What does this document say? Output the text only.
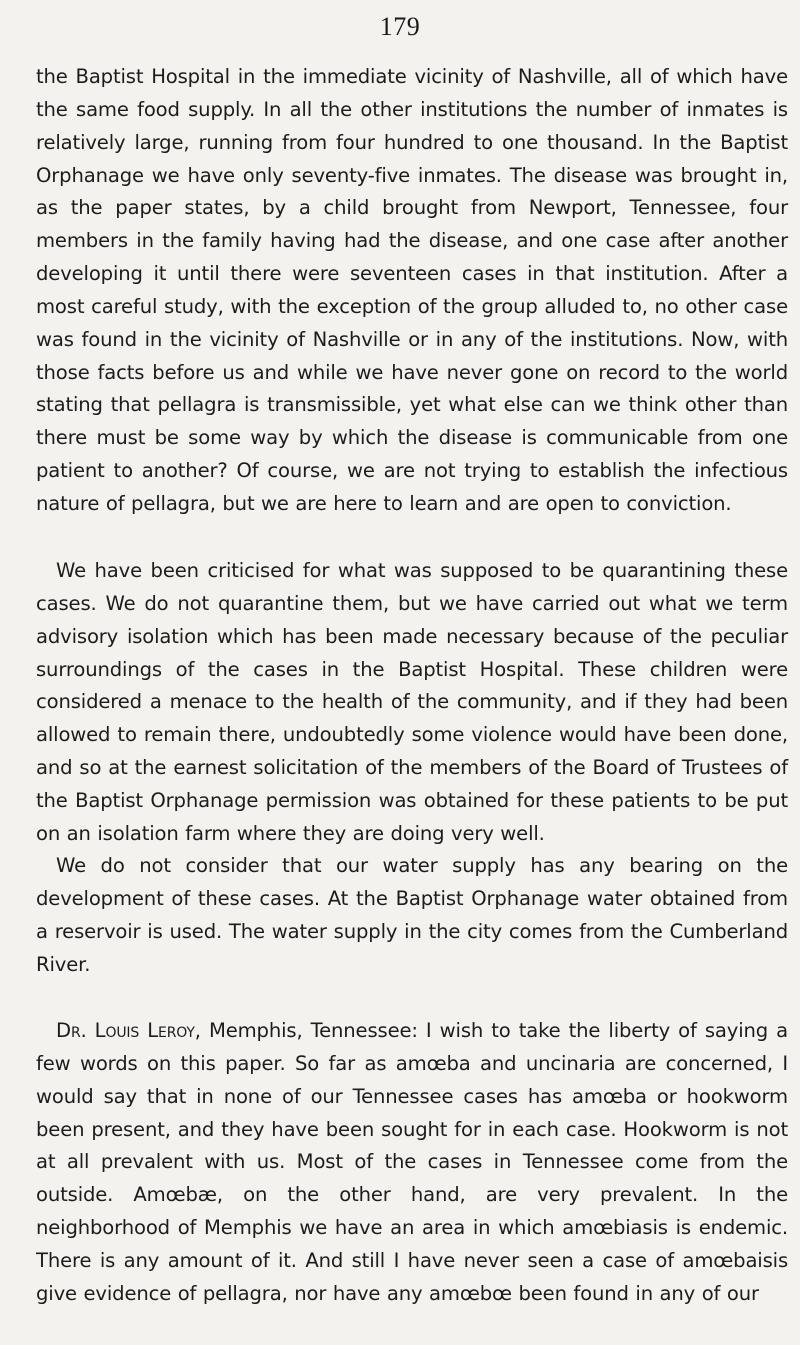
179

the Baptist Hospital in the immediate vicinity of Nashville, all of which have the same food supply. In all the other institutions the number of inmates is relatively large, running from four hundred to one thousand. In the Baptist Orphanage we have only seventy-five inmates. The disease was brought in, as the paper states, by a child brought from Newport, Tennessee, four members in the family having had the disease, and one case after another developing it until there were seventeen cases in that institution. After a most careful study, with the exception of the group alluded to, no other case was found in the vicinity of Nashville or in any of the institutions. Now, with those facts before us and while we have never gone on record to the world stating that pellagra is transmissible, yet what else can we think other than there must be some way by which the disease is communicable from one patient to another? Of course, we are not trying to establish the infectious nature of pellagra, but we are here to learn and are open to conviction.

We have been criticised for what was supposed to be quarantining these cases. We do not quarantine them, but we have carried out what we term advisory isolation which has been made necessary because of the peculiar surroundings of the cases in the Baptist Hospital. These children were considered a menace to the health of the community, and if they had been allowed to remain there, undoubtedly some violence would have been done, and so at the earnest solicitation of the members of the Board of Trustees of the Baptist Orphanage permission was obtained for these patients to be put on an isolation farm where they are doing very well.

We do not consider that our water supply has any bearing on the development of these cases. At the Baptist Orphanage water obtained from a reservoir is used. The water supply in the city comes from the Cumberland River.

Dr. Louis Leroy, Memphis, Tennessee: I wish to take the liberty of saying a few words on this paper. So far as amœba and uncinaria are concerned, I would say that in none of our Tennessee cases has amœba or hookworm been present, and they have been sought for in each case. Hookworm is not at all prevalent with us. Most of the cases in Tennessee come from the outside. Amœbæ, on the other hand, are very prevalent. In the neighborhood of Memphis we have an area in which amœbiasis is endemic. There is any amount of it. And still I have never seen a case of amœbaisis give evidence of pellagra, nor have any amœbœ been found in any of our
